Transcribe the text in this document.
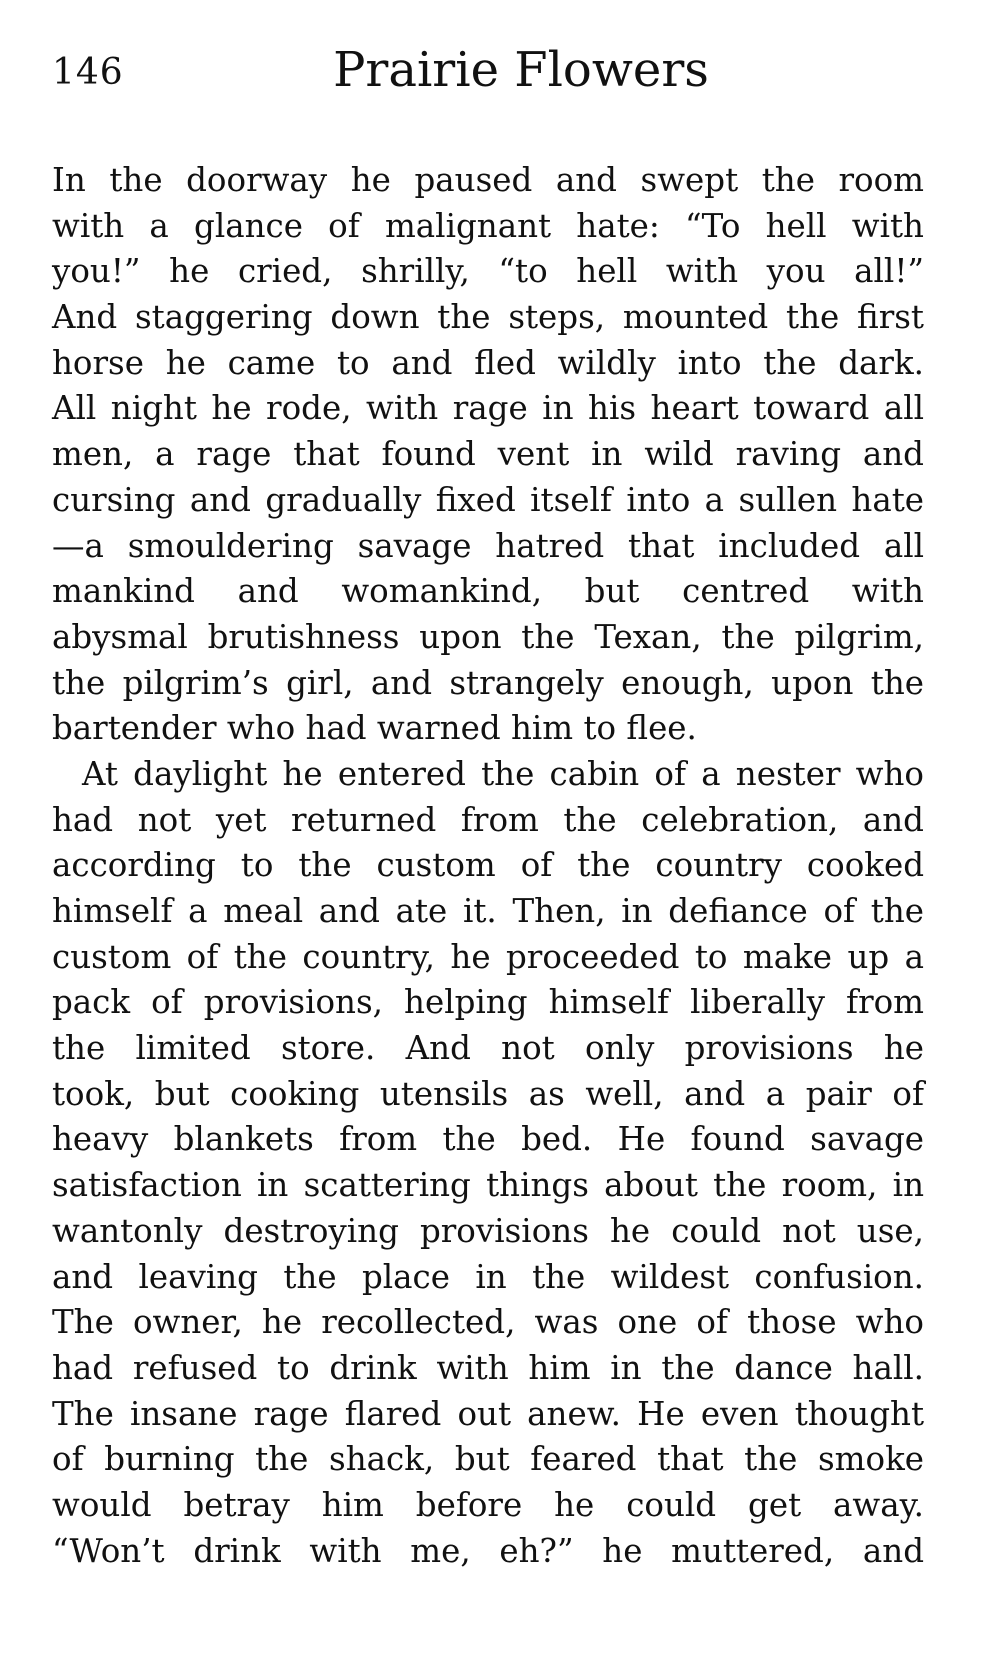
146	Prairie Flowers
In the doorway he paused and swept the room
with a glance of malignant hate: “To hell with
you!” he cried, shrilly, “to hell with you all!”
And staggering down the steps, mounted the first
horse he came to and fled wildly into the dark.
All night he rode, with rage in his heart toward all
men, a rage that found vent in wild raving and
cursing and gradually fixed itself into a sullen hate
—a smouldering savage hatred that included all
mankind and womankind, but centred with
abysmal brutishness upon the Texan, the pilgrim,
the pilgrim’s girl, and strangely enough, upon the
bartender who had warned him to flee.
At daylight he entered the cabin of a nester who
had not yet returned from the celebration, and
according to the custom of the country cooked
himself a meal and ate it. Then, in defiance of the
custom of the country, he proceeded to make up a
pack of provisions, helping himself liberally from
the limited store. And not only provisions he
took, but cooking utensils as well, and a pair of
heavy blankets from the bed. He found savage
satisfaction in scattering things about the room, in
wantonly destroying provisions he could not use,
and leaving the place in the wildest confusion.
The owner, he recollected, was one of those who
had refused to drink with him in the dance hall.
The insane rage flared out anew. He even thought
of burning the shack, but feared that the smoke
would betray him before he could get away.
“Won’t drink with me, eh?” he muttered, and
